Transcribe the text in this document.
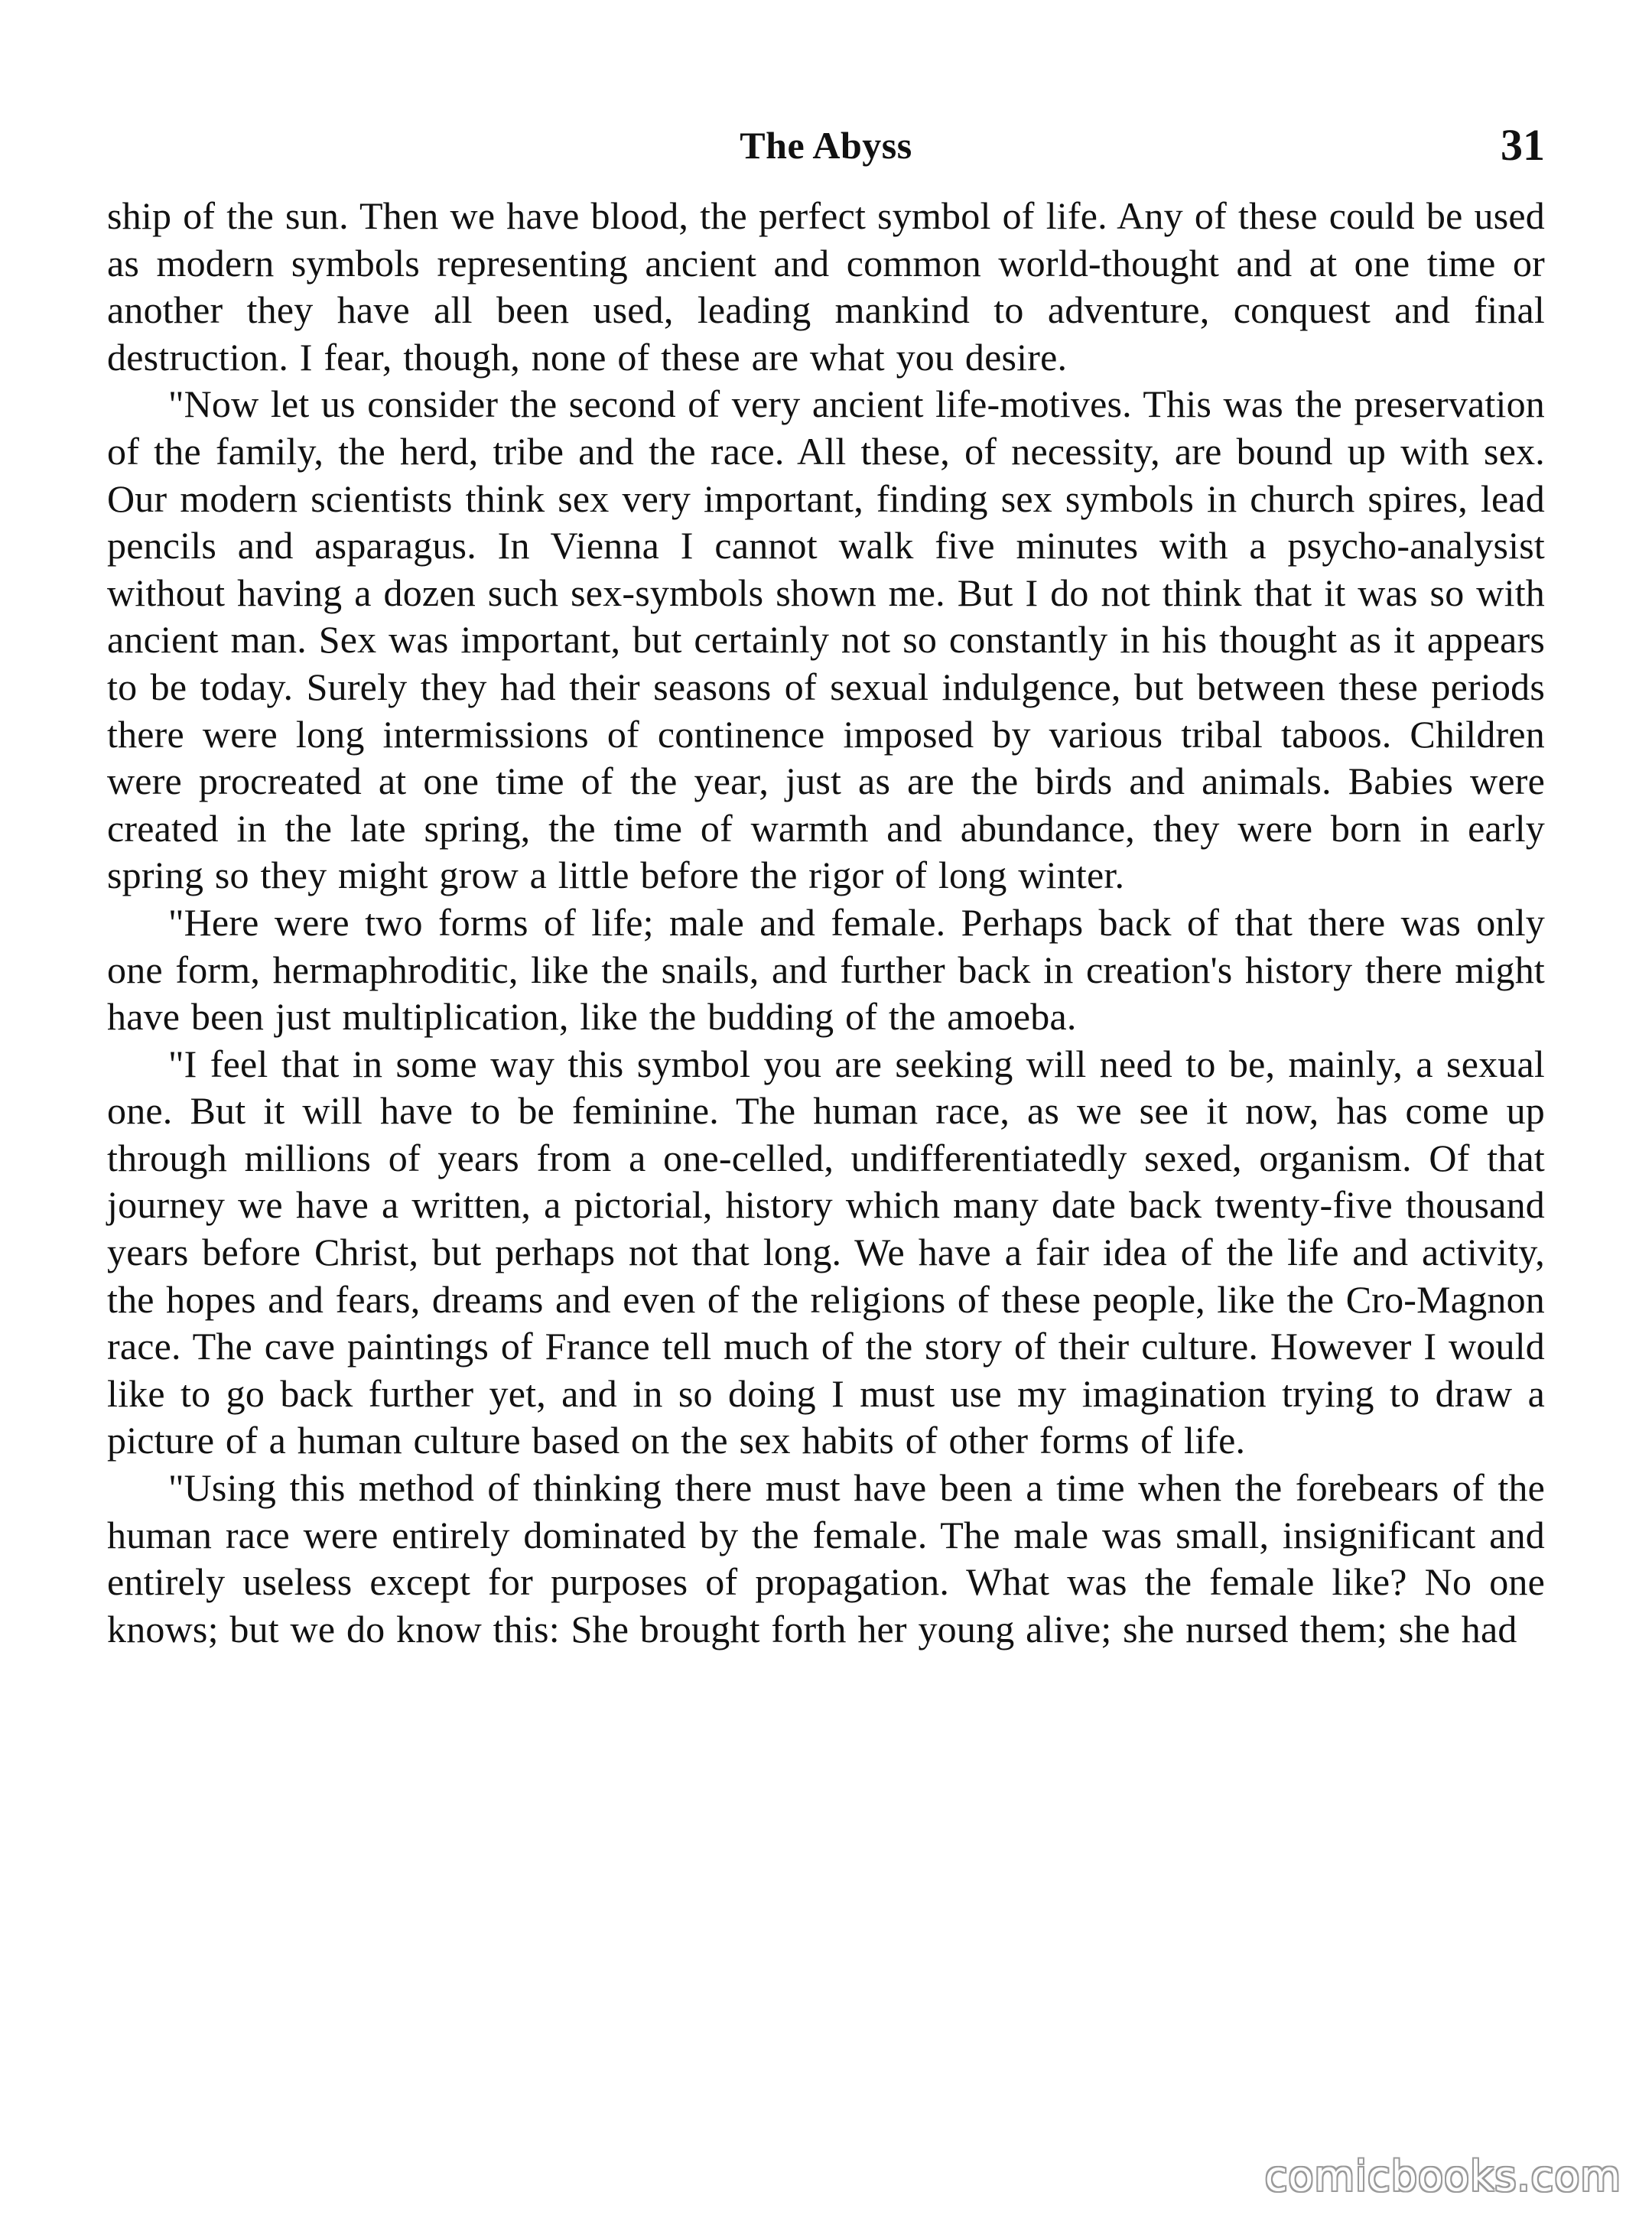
The Abyss	31

ship of the sun. Then we have blood, the perfect symbol of life. Any of these could be used as modern symbols representing ancient and common world-thought and at one time or another they have all been used, leading mankind to adventure, conquest and final destruction. I fear, though, none of these are what you desire.

"Now let us consider the second of very ancient life-motives. This was the preservation of the family, the herd, tribe and the race. All these, of necessity, are bound up with sex. Our modern scientists think sex very important, finding sex symbols in church spires, lead pencils and asparagus. In Vienna I cannot walk five minutes with a psycho-analysist without having a dozen such sex-symbols shown me. But I do not think that it was so with ancient man. Sex was important, but certainly not so constantly in his thought as it appears to be today. Surely they had their seasons of sexual indulgence, but between these periods there were long intermissions of continence imposed by various tribal taboos. Children were procreated at one time of the year, just as are the birds and animals. Babies were created in the late spring, the time of warmth and abundance, they were born in early spring so they might grow a little before the rigor of long winter.

"Here were two forms of life; male and female. Perhaps back of that there was only one form, hermaphroditic, like the snails, and further back in creation's history there might have been just multiplication, like the budding of the amoeba.

"I feel that in some way this symbol you are seeking will need to be, mainly, a sexual one. But it will have to be feminine. The human race, as we see it now, has come up through millions of years from a one-celled, undifferentiatedly sexed, organism. Of that journey we have a written, a pictorial, history which many date back twenty-five thousand years before Christ, but perhaps not that long. We have a fair idea of the life and activity, the hopes and fears, dreams and even of the religions of these people, like the Cro-Magnon race. The cave paintings of France tell much of the story of their culture. However I would like to go back further yet, and in so doing I must use my imagination trying to draw a picture of a human culture based on the sex habits of other forms of life.

"Using this method of thinking there must have been a time when the forebears of the human race were entirely dominated by the female. The male was small, insignificant and entirely useless except for purposes of propagation. What was the female like? No one knows; but we do know this: She brought forth her young alive; she nursed them; she had

comicbooks.com
